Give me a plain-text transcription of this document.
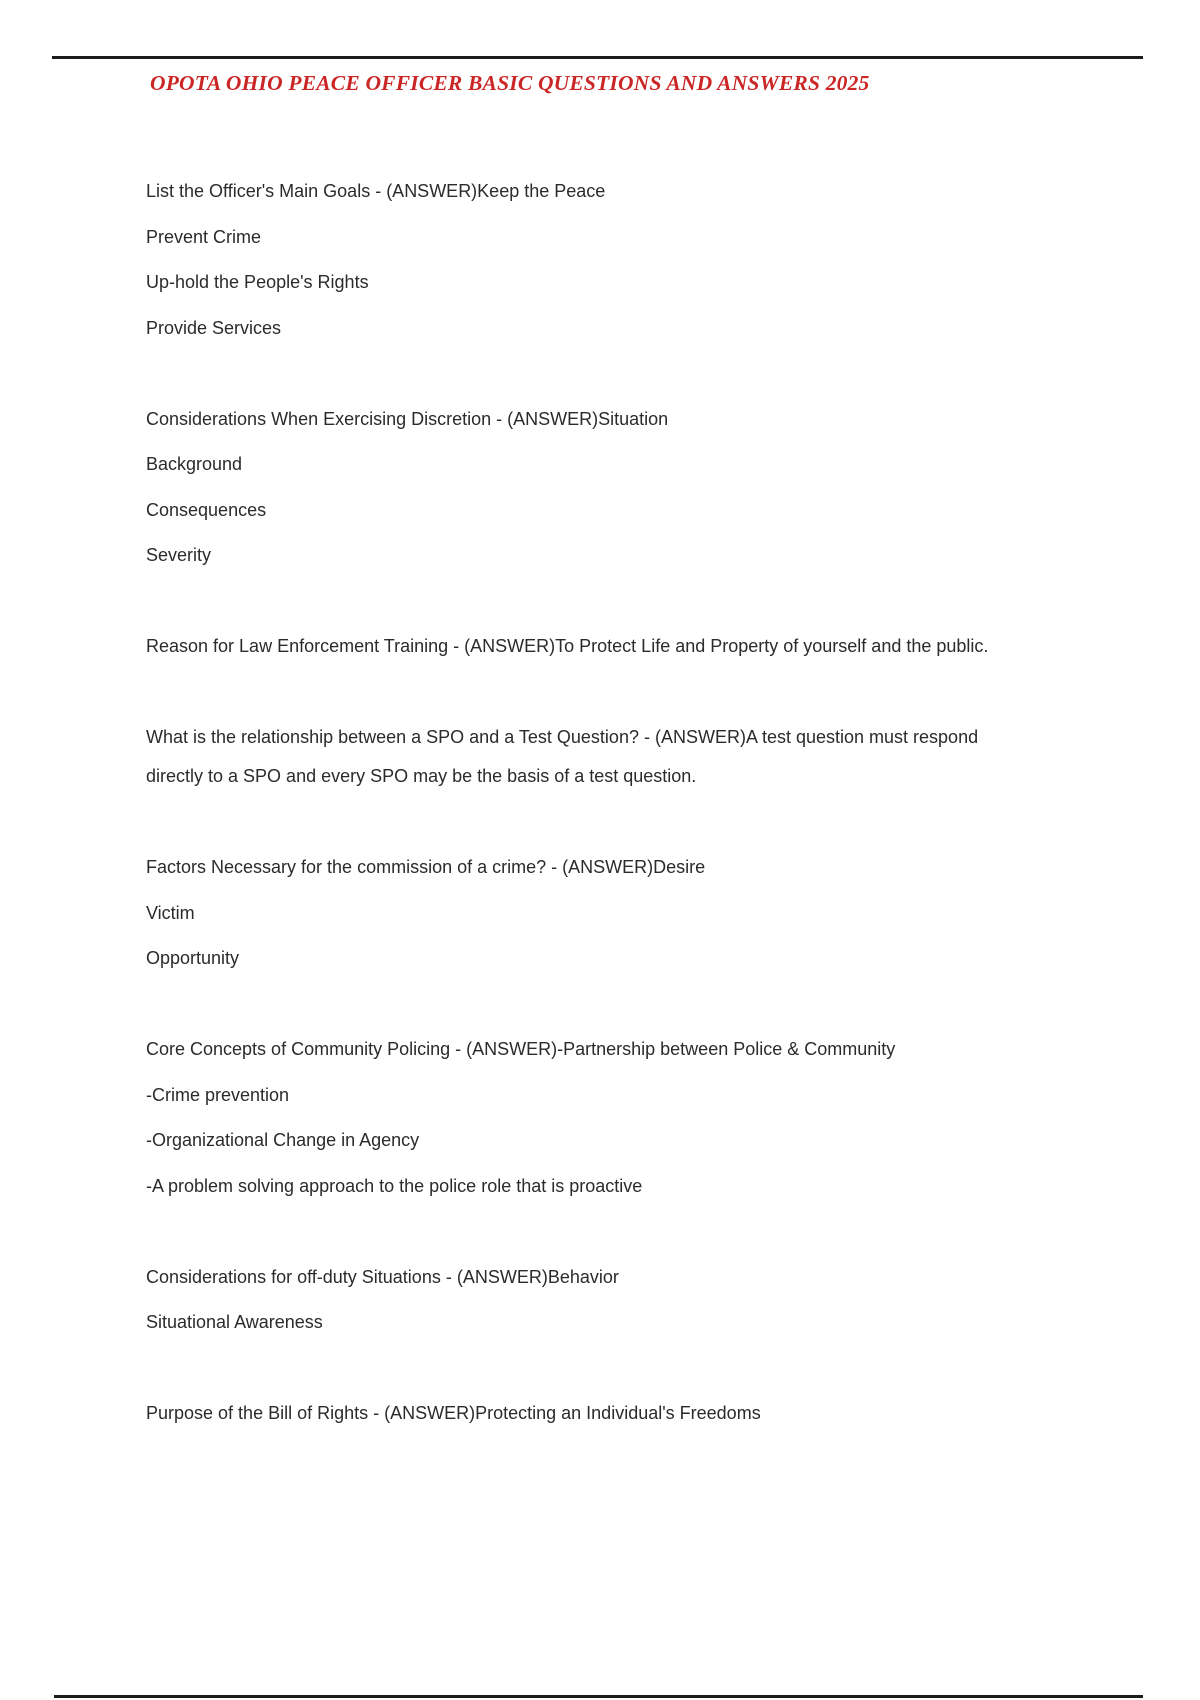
OPOTA OHIO PEACE OFFICER BASIC QUESTIONS AND ANSWERS 2025
List the Officer's Main Goals - (ANSWER)Keep the Peace
Prevent Crime
Up-hold the People's Rights
Provide Services

Considerations When Exercising Discretion - (ANSWER)Situation
Background
Consequences
Severity

Reason for Law Enforcement Training - (ANSWER)To Protect Life and Property of yourself and the public.

What is the relationship between a SPO and a Test Question? - (ANSWER)A test question must respond
directly to a SPO and every SPO may be the basis of a test question.

Factors Necessary for the commission of a crime? - (ANSWER)Desire
Victim
Opportunity

Core Concepts of Community Policing - (ANSWER)-Partnership between Police & Community
-Crime prevention
-Organizational Change in Agency
-A problem solving approach to the police role that is proactive

Considerations for off-duty Situations - (ANSWER)Behavior
Situational Awareness

Purpose of the Bill of Rights - (ANSWER)Protecting an Individual's Freedoms
